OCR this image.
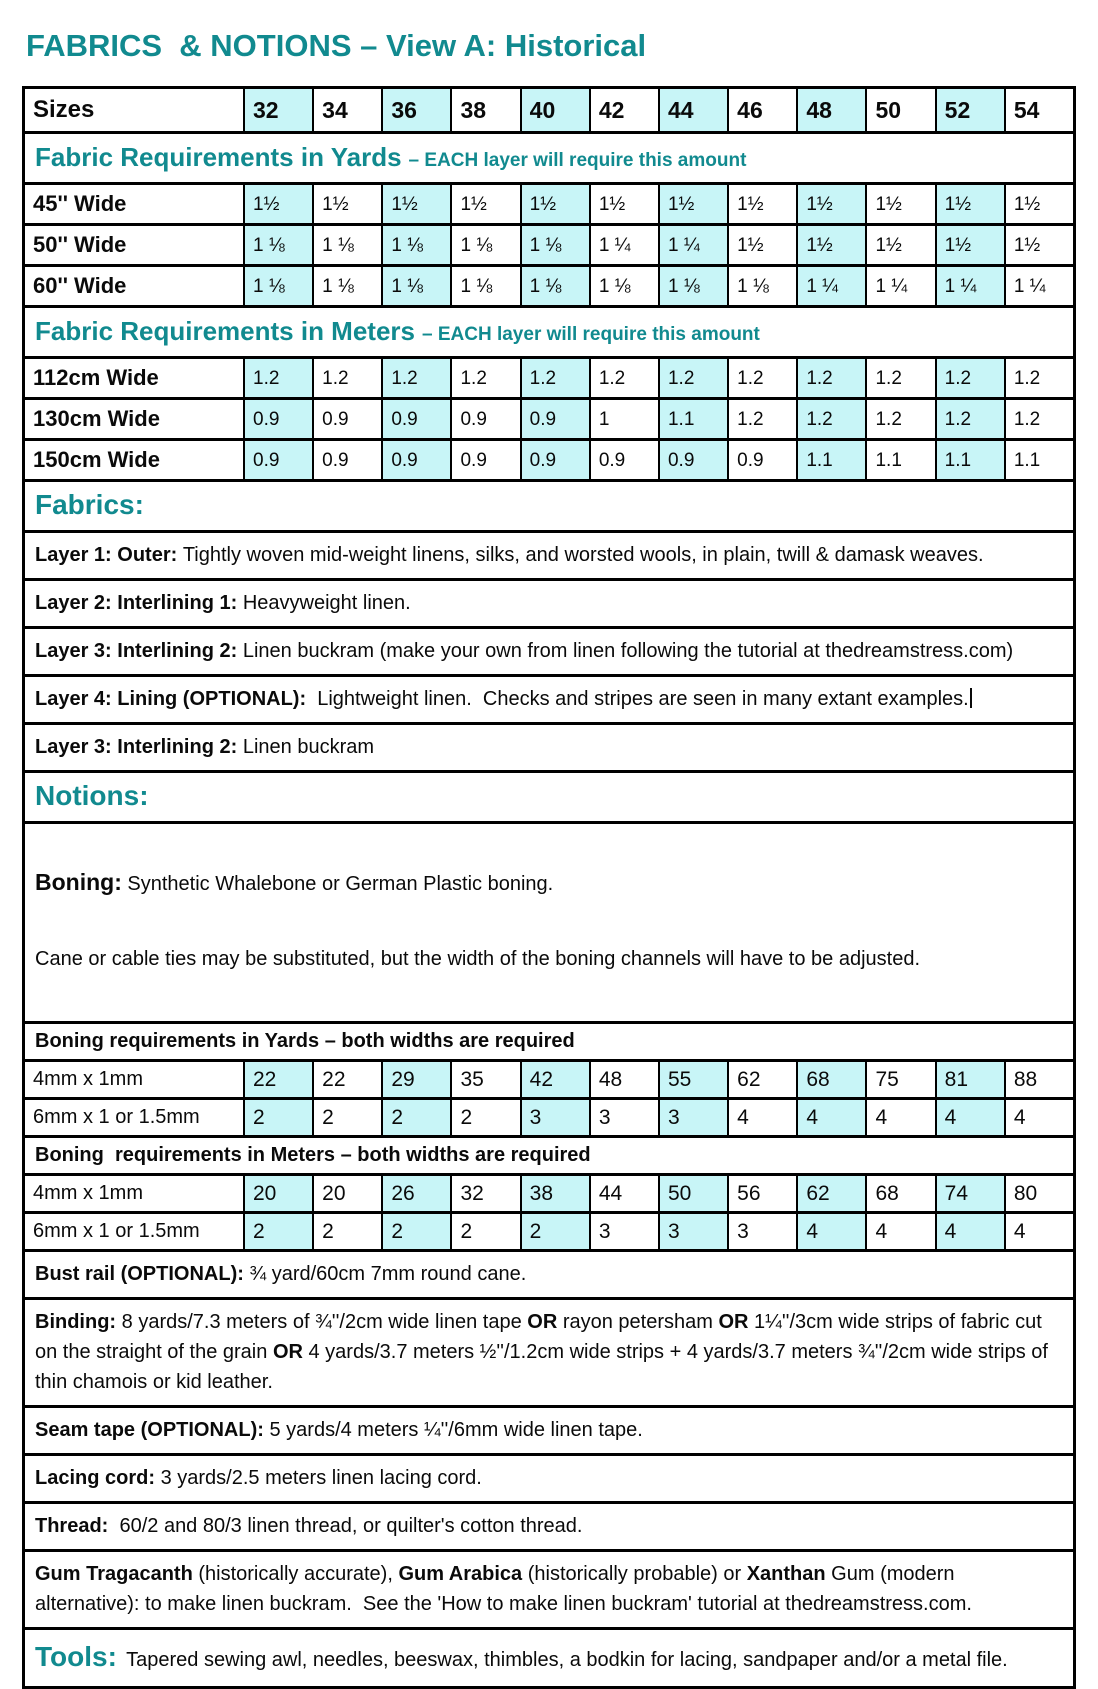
FABRICS  & NOTIONS – View A: Historical
Sizes	32	34	36	38	40	42	44	46	48	50	52	54
Fabric Requirements in Yards – EACH layer will require this amount
45'' Wide	1½	1½	1½	1½	1½	1½	1½	1½	1½	1½	1½	1½
50'' Wide	1 ⅛	1 ⅛	1 ⅛	1 ⅛	1 ⅛	1 ¼	1 ¼	1½	1½	1½	1½	1½
60'' Wide	1 ⅛	1 ⅛	1 ⅛	1 ⅛	1 ⅛	1 ⅛	1 ⅛	1 ⅛	1 ¼	1 ¼	1 ¼	1 ¼
Fabric Requirements in Meters – EACH layer will require this amount
112cm Wide	1.2	1.2	1.2	1.2	1.2	1.2	1.2	1.2	1.2	1.2	1.2	1.2
130cm Wide	0.9	0.9	0.9	0.9	0.9	1	1.1	1.2	1.2	1.2	1.2	1.2
150cm Wide	0.9	0.9	0.9	0.9	0.9	0.9	0.9	0.9	1.1	1.1	1.1	1.1
Fabrics:
Layer 1: Outer: Tightly woven mid-weight linens, silks, and worsted wools, in plain, twill & damask weaves.
Layer 2: Interlining 1: Heavyweight linen.
Layer 3: Interlining 2: Linen buckram (make your own from linen following the tutorial at thedreamstress.com)
Layer 4: Lining (OPTIONAL):  Lightweight linen.  Checks and stripes are seen in many extant examples.
Layer 3: Interlining 2: Linen buckram
Notions:

Boning: Synthetic Whalebone or German Plastic boning.

Cane or cable ties may be substituted, but the width of the boning channels will have to be adjusted.

Boning requirements in Yards – both widths are required
4mm x 1mm	22	22	29	35	42	48	55	62	68	75	81	88
6mm x 1 or 1.5mm	2	2	2	2	3	3	3	4	4	4	4	4
Boning  requirements in Meters – both widths are required
4mm x 1mm	20	20	26	32	38	44	50	56	62	68	74	80
6mm x 1 or 1.5mm	2	2	2	2	2	3	3	3	4	4	4	4
Bust rail (OPTIONAL): ¾ yard/60cm 7mm round cane.
Binding: 8 yards/7.3 meters of ¾''/2cm wide linen tape OR rayon petersham OR 1¼''/3cm wide strips of fabric cut on the straight of the grain OR 4 yards/3.7 meters ½''/1.2cm wide strips + 4 yards/3.7 meters ¾''/2cm wide strips of thin chamois or kid leather.
Seam tape (OPTIONAL): 5 yards/4 meters ¼''/6mm wide linen tape.
Lacing cord: 3 yards/2.5 meters linen lacing cord.
Thread:  60/2 and 80/3 linen thread, or quilter's cotton thread.
Gum Tragacanth (historically accurate), Gum Arabica (historically probable) or Xanthan Gum (modern alternative): to make linen buckram.  See the 'How to make linen buckram' tutorial at thedreamstress.com.
Tools: Tapered sewing awl, needles, beeswax, thimbles, a bodkin for lacing, sandpaper and/or a metal file.
